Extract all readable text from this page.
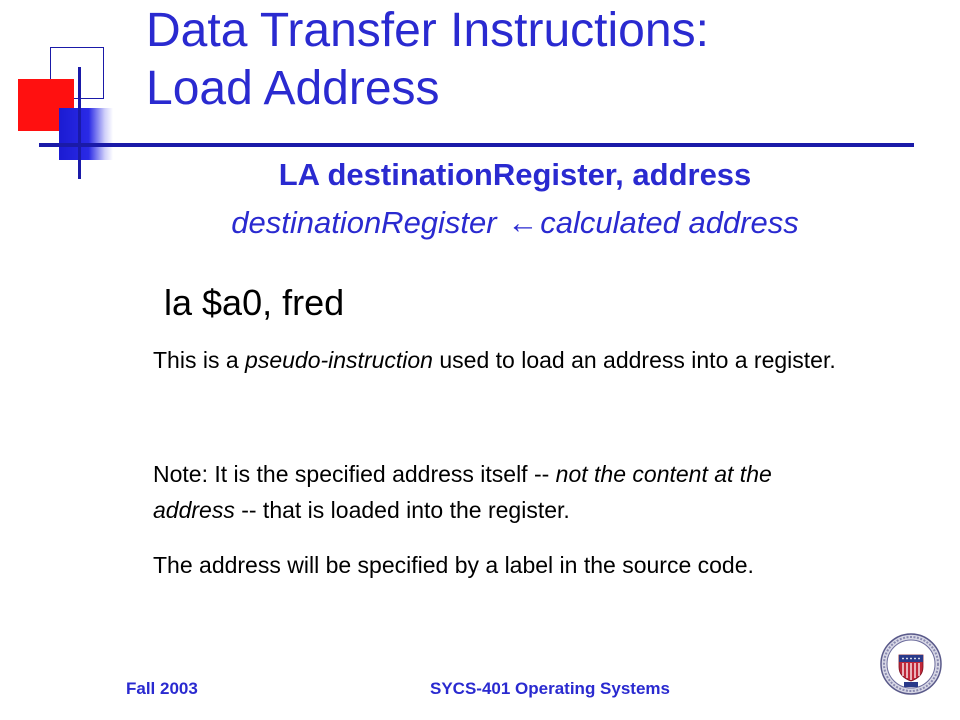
Data Transfer Instructions:
Load Address

LA destinationRegister, address

destinationRegister ←calculated address

la $a0, fred

This is a pseudo-instruction used to load an address into a register.

Note: It is the specified address itself -- not the content at the address -- that is loaded into the register.

The address will be specified by a label in the source code.

Fall 2003	SYCS-401 Operating Systems
